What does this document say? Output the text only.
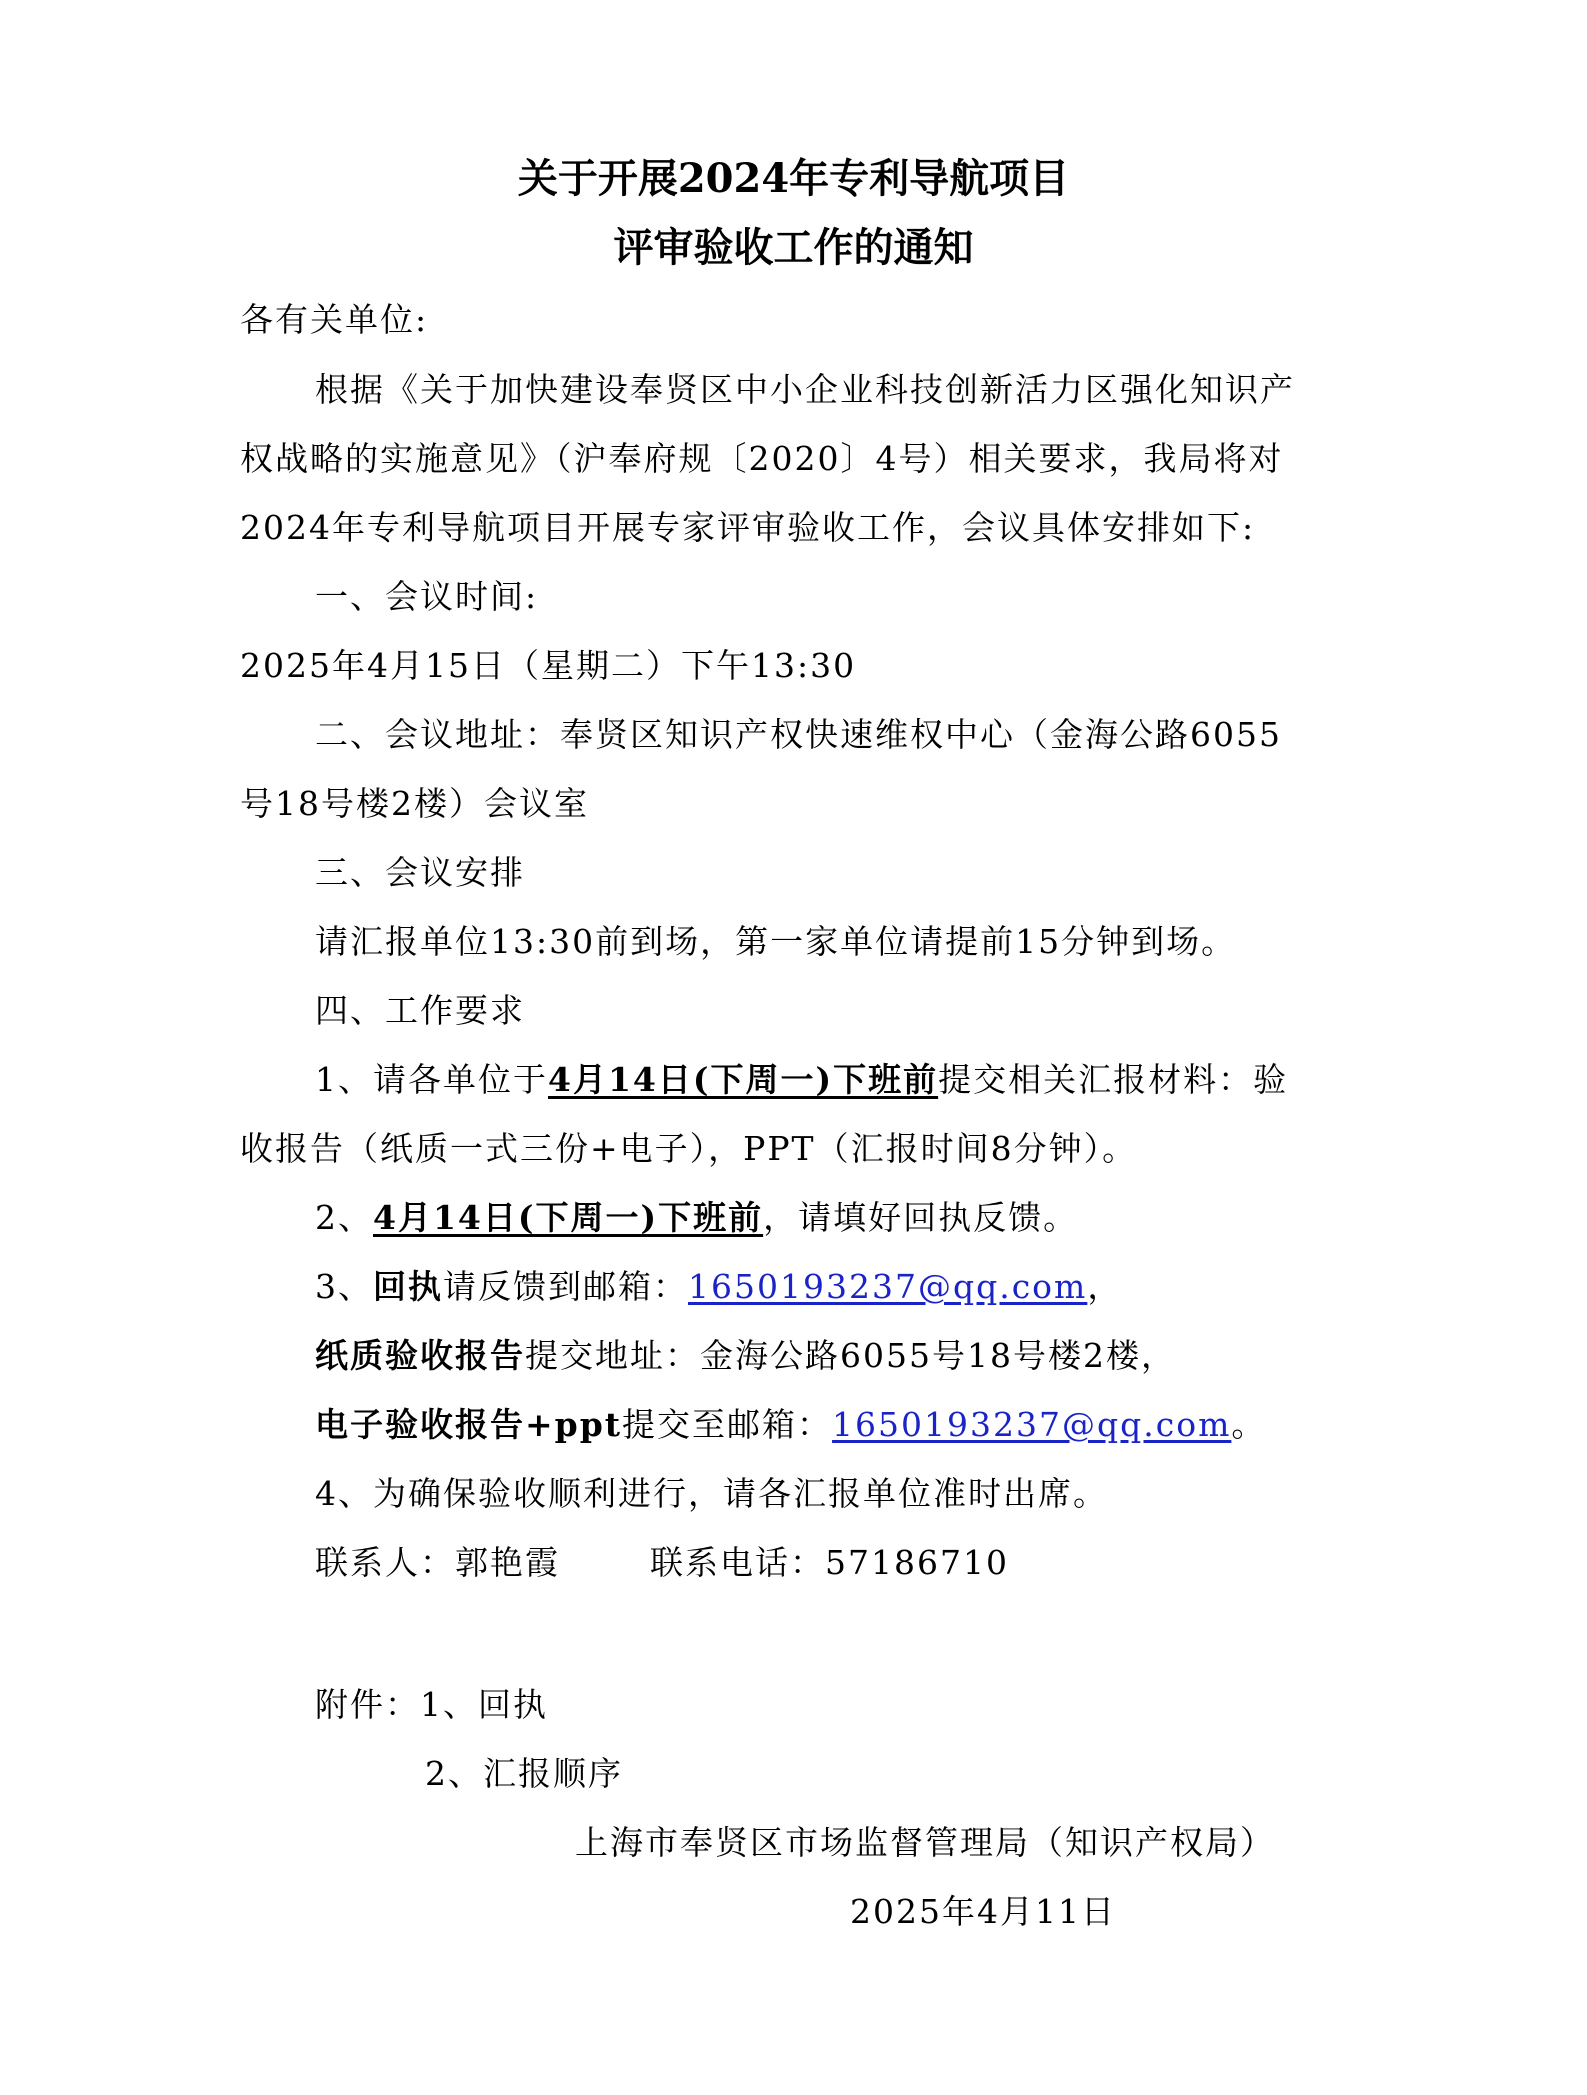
关于开展2024年专利导航项目
评审验收工作的通知
各有关单位:
根据《关于加快建设奉贤区中小企业科技创新活力区强化知识产
权战略的实施意见》（沪奉府规〔2020〕4号）相关要求，我局将对
2024年专利导航项目开展专家评审验收工作，会议具体安排如下:
一、会议时间:
2025年4月15日（星期二）下午13:30
二、会议地址：奉贤区知识产权快速维权中心（金海公路6055
号18号楼2楼）会议室
三、会议安排
请汇报单位13:30前到场，第一家单位请提前15分钟到场。
四、工作要求
1、请各单位于4月14日(下周一)下班前提交相关汇报材料：验
收报告（纸质一式三份+电子），PPT（汇报时间8分钟）。
2、4月14日(下周一)下班前，请填好回执反馈。
3、回执请反馈到邮箱：1650193237@qq.com，
纸质验收报告提交地址：金海公路6055号18号楼2楼，
电子验收报告+ppt提交至邮箱：1650193237@qq.com。
4、为确保验收顺利进行，请各汇报单位准时出席。
联系人：郭艳霞	联系电话：57186710
附件：1、回执
2、汇报顺序
上海市奉贤区市场监督管理局（知识产权局）
2025年4月11日
